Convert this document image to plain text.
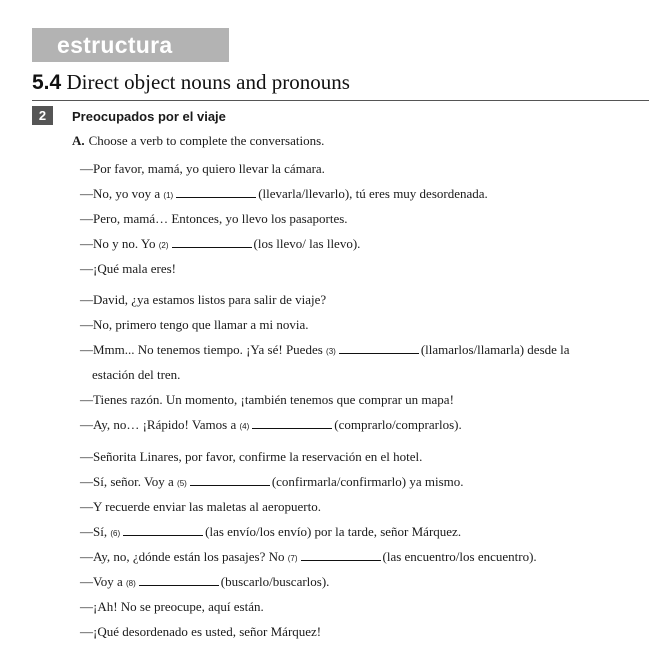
estructura
5.4 Direct object nouns and pronouns
2	Preocupados por el viaje
A. Choose a verb to complete the conversations.
—Por favor, mamá, yo quiero llevar la cámara.
—No, yo voy a (1)	(llevarla/llevarlo), tú eres muy desordenada.
—Pero, mamá… Entonces, yo llevo los pasaportes.
—No y no. Yo (2)	(los llevo/ las llevo).
—¡Qué mala eres!
—David, ¿ya estamos listos para salir de viaje?
—No, primero tengo que llamar a mi novia.
—Mmm... No tenemos tiempo. ¡Ya sé! Puedes (3)	(llamarlos/llamarla) desde la
estación del tren.
—Tienes razón. Un momento, ¡también tenemos que comprar un mapa!
—Ay, no… ¡Rápido! Vamos a (4)	(comprarlo/comprarlos).
—Señorita Linares, por favor, confirme la reservación en el hotel.
—Sí, señor. Voy a (5)	(confirmarla/confirmarlo) ya mismo.
—Y recuerde enviar las maletas al aeropuerto.
—Sí, (6)	(las envío/los envío) por la tarde, señor Márquez.
—Ay, no, ¿dónde están los pasajes? No (7)	(las encuentro/los encuentro).
—Voy a (8)	(buscarlo/buscarlos).
—¡Ah! No se preocupe, aquí están.
—¡Qué desordenado es usted, señor Márquez!
